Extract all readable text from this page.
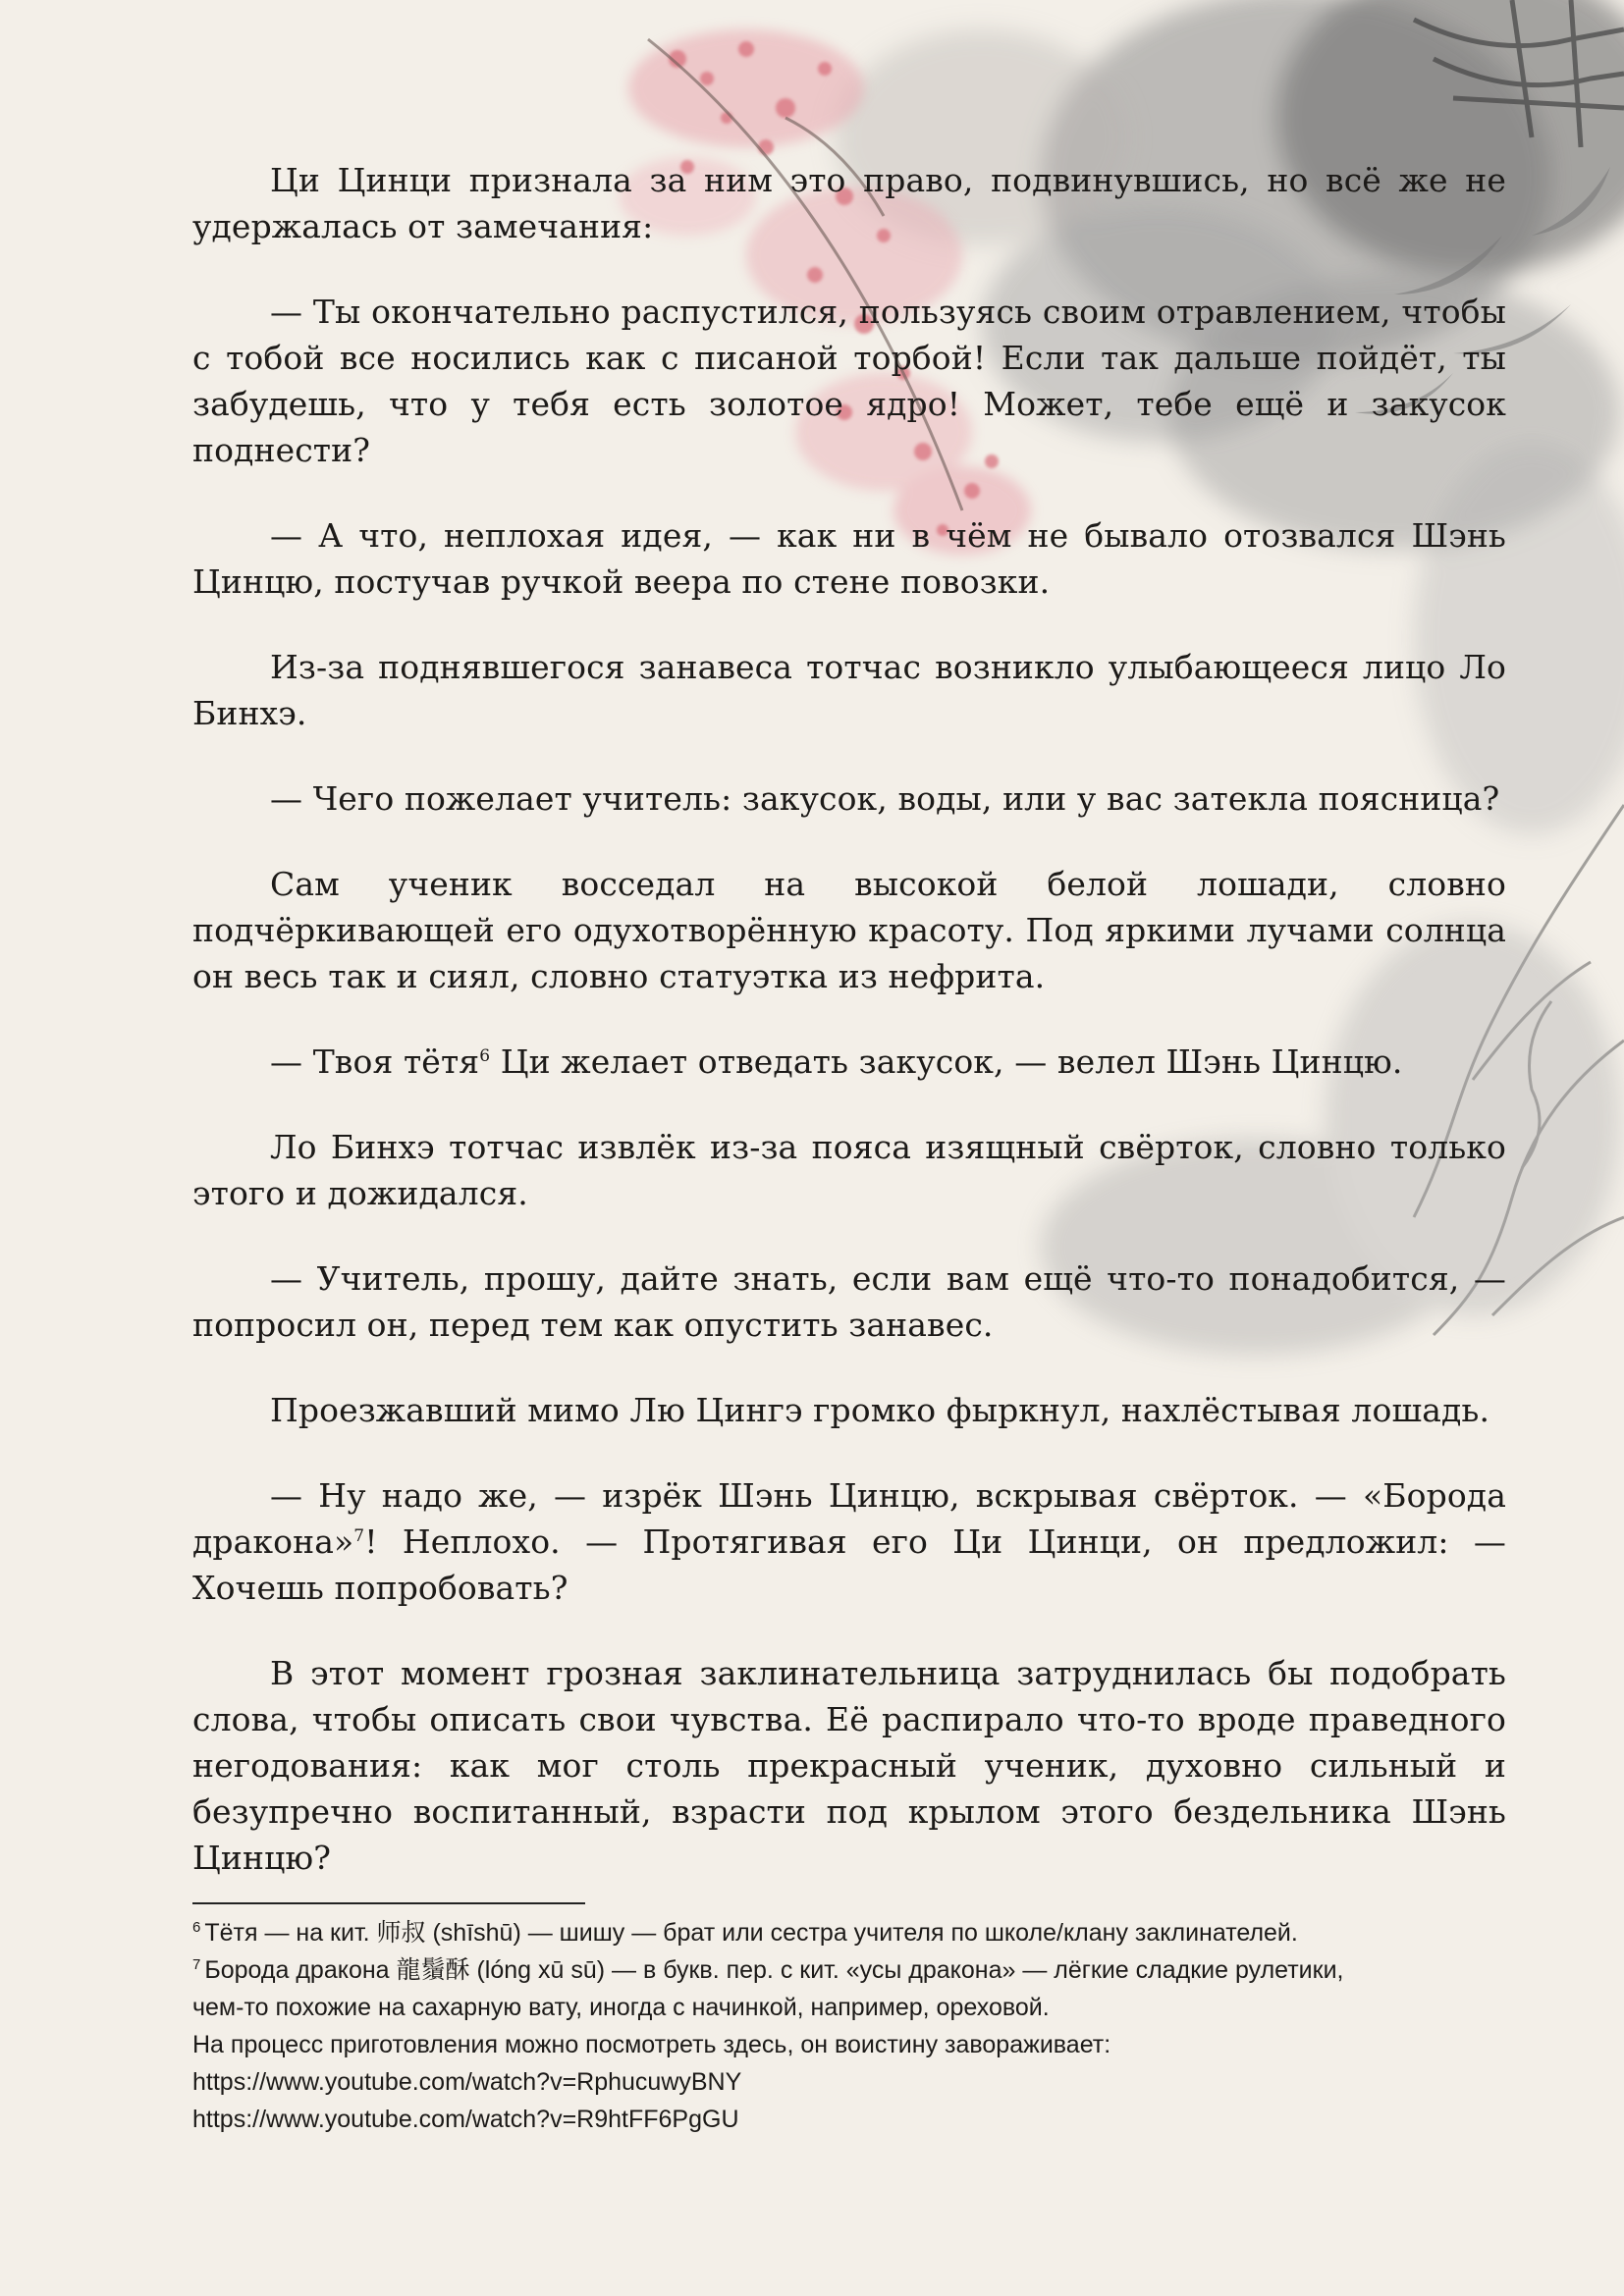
Ци Цинци признала за ним это право, подвинувшись, но всё же не удержалась от замечания:

— Ты окончательно распустился, пользуясь своим отравлением, чтобы с тобой все носились как с писаной торбой! Если так дальше пойдёт, ты забудешь, что у тебя есть золотое ядро! Может, тебе ещё и закусок поднести?

— А что, неплохая идея, — как ни в чём не бывало отозвался Шэнь Цинцю, постучав ручкой веера по стене повозки.

Из-за поднявшегося занавеса тотчас возникло улыбающееся лицо Ло Бинхэ.

— Чего пожелает учитель: закусок, воды, или у вас затекла поясница?

Сам ученик восседал на высокой белой лошади, словно подчёркивающей его одухотворённую красоту. Под яркими лучами солнца он весь так и сиял, словно статуэтка из нефрита.

— Твоя тётя$^6$ Ци желает отведать закусок, — велел Шэнь Цинцю.

Ло Бинхэ тотчас извлёк из-за пояса изящный свёрток, словно только этого и дожидался.

— Учитель, прошу, дайте знать, если вам ещё что-то понадобится, — попросил он, перед тем как опустить занавес.

Проезжавший мимо Лю Цингэ громко фыркнул, нахлёстывая лошадь.

— Ну надо же, — изрёк Шэнь Цинцю, вскрывая свёрток. — «Борода дракона»$^7$! Неплохо. — Протягивая его Ци Цинци, он предложил: — Хочешь попробовать?

В этот момент грозная заклинательница затруднилась бы подобрать слова, чтобы описать свои чувства. Её распирало что-то вроде праведного негодования: как мог столь прекрасный ученик, духовно сильный и безупречно воспитанный, взрасти под крылом этого бездельника Шэнь Цинцю?

$^6$ Тётя — на кит. 师叔 (shīshū) — шишу — брат или сестра учителя по школе/клану заклинателей.
$^7$ Борода дракона 龍鬚酥 (lóng xū sū) — в букв. пер. с кит. «усы дракона» — лёгкие сладкие рулетики,
чем-то похожие на сахарную вату, иногда с начинкой, например, ореховой.
На процесс приготовления можно посмотреть здесь, он воистину завораживает:
https://www.youtube.com/watch?v=RphucuwyBNY
https://www.youtube.com/watch?v=R9htFF6PgGU
